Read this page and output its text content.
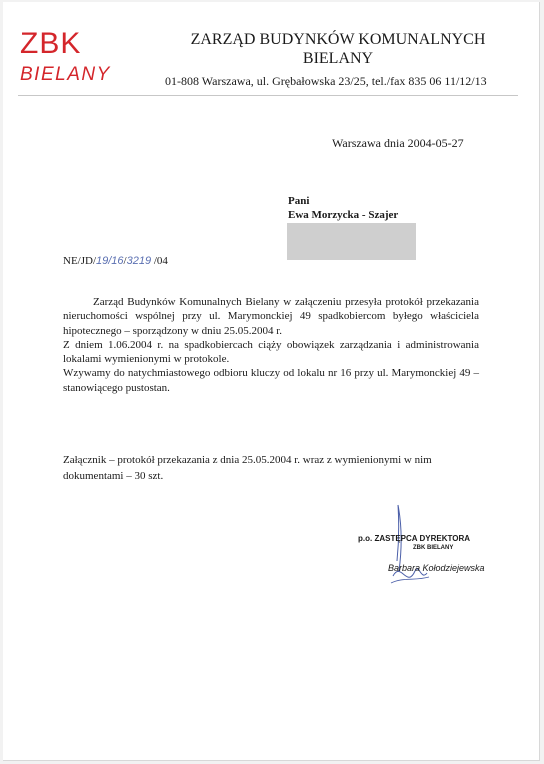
ZBK
BIELANY
ZARZĄD BUDYNKÓW KOMUNALNYCH
BIELANY
01-808 Warszawa, ul. Grębałowska 23/25, tel./fax 835 06 11/12/13
Warszawa dnia 2004-05-27
Pani
Ewa Morzycka - Szajer
NE/JD/19/16/3219 /04

Zarząd Budynków Komunalnych Bielany w załączeniu przesyła protokół przekazania nieruchomości wspólnej przy ul. Marymonckiej 49 spadkobiercom byłego właściciela hipotecznego – sporządzony w dniu 25.05.2004 r.

Z dniem 1.06.2004 r. na spadkobiercach ciąży obowiązek zarządzania i administrowania lokalami wymienionymi w protokole.

Wzywamy do natychmiastowego odbioru kluczy od lokalu nr 16 przy ul. Marymonckiej 49 – stanowiącego pustostan.

Załącznik – protokół przekazania z dnia 25.05.2004 r. wraz z wymienionymi w nim dokumentami – 30 szt.
p.o. ZASTĘPCA DYREKTORA
ZBK BIELANY
Barbara Kołodziejewska
